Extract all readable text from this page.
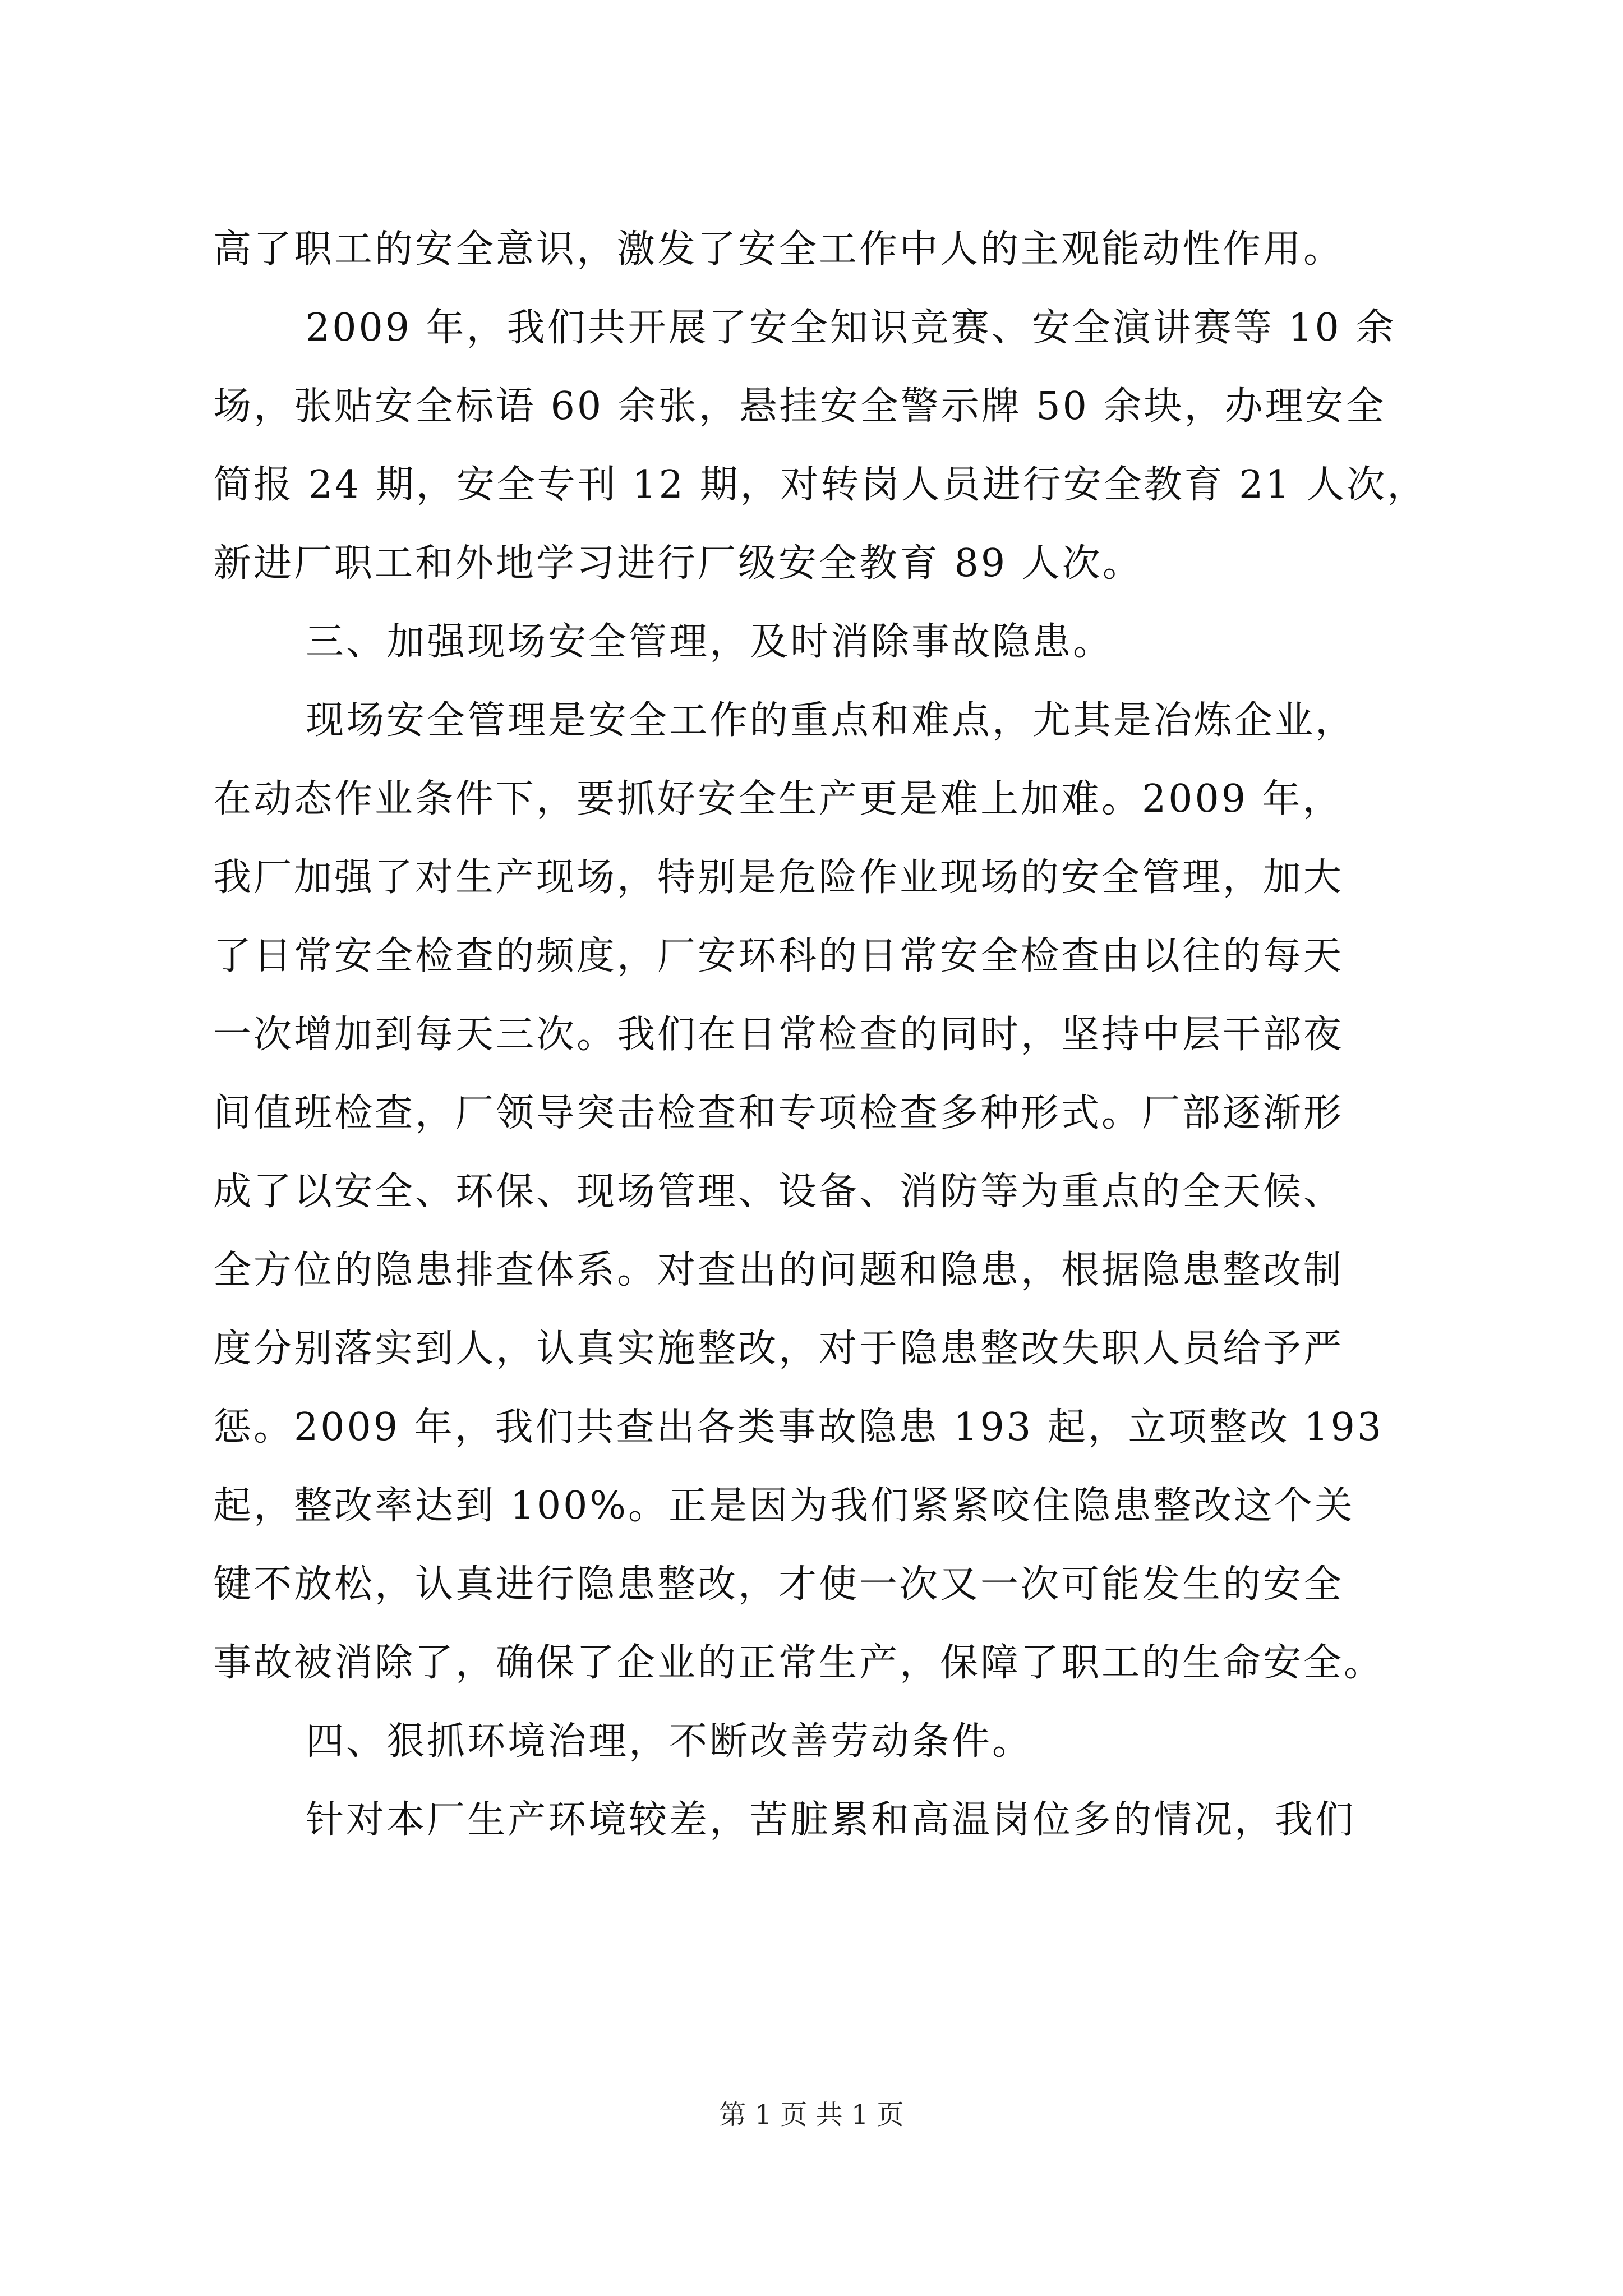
高了职工的安全意识，激发了安全工作中人的主观能动性作用。
2009 年，我们共开展了安全知识竞赛、安全演讲赛等 10 余
场，张贴安全标语 60 余张，悬挂安全警示牌 50 余块，办理安全
简报 24 期，安全专刊 12 期，对转岗人员进行安全教育 21 人次，
新进厂职工和外地学习进行厂级安全教育 89 人次。
三、加强现场安全管理，及时消除事故隐患。
现场安全管理是安全工作的重点和难点，尤其是冶炼企业，
在动态作业条件下，要抓好安全生产更是难上加难。2009 年，
我厂加强了对生产现场，特别是危险作业现场的安全管理，加大
了日常安全检查的频度，厂安环科的日常安全检查由以往的每天
一次增加到每天三次。我们在日常检查的同时，坚持中层干部夜
间值班检查，厂领导突击检查和专项检查多种形式。厂部逐渐形
成了以安全、环保、现场管理、设备、消防等为重点的全天候、
全方位的隐患排查体系。对查出的问题和隐患，根据隐患整改制
度分别落实到人，认真实施整改，对于隐患整改失职人员给予严
惩。2009 年，我们共查出各类事故隐患 193 起，立项整改 193
起，整改率达到 100%。正是因为我们紧紧咬住隐患整改这个关
键不放松，认真进行隐患整改，才使一次又一次可能发生的安全
事故被消除了，确保了企业的正常生产，保障了职工的生命安全。
四、狠抓环境治理，不断改善劳动条件。
针对本厂生产环境较差，苦脏累和高温岗位多的情况，我们
第 1 页 共 1 页
